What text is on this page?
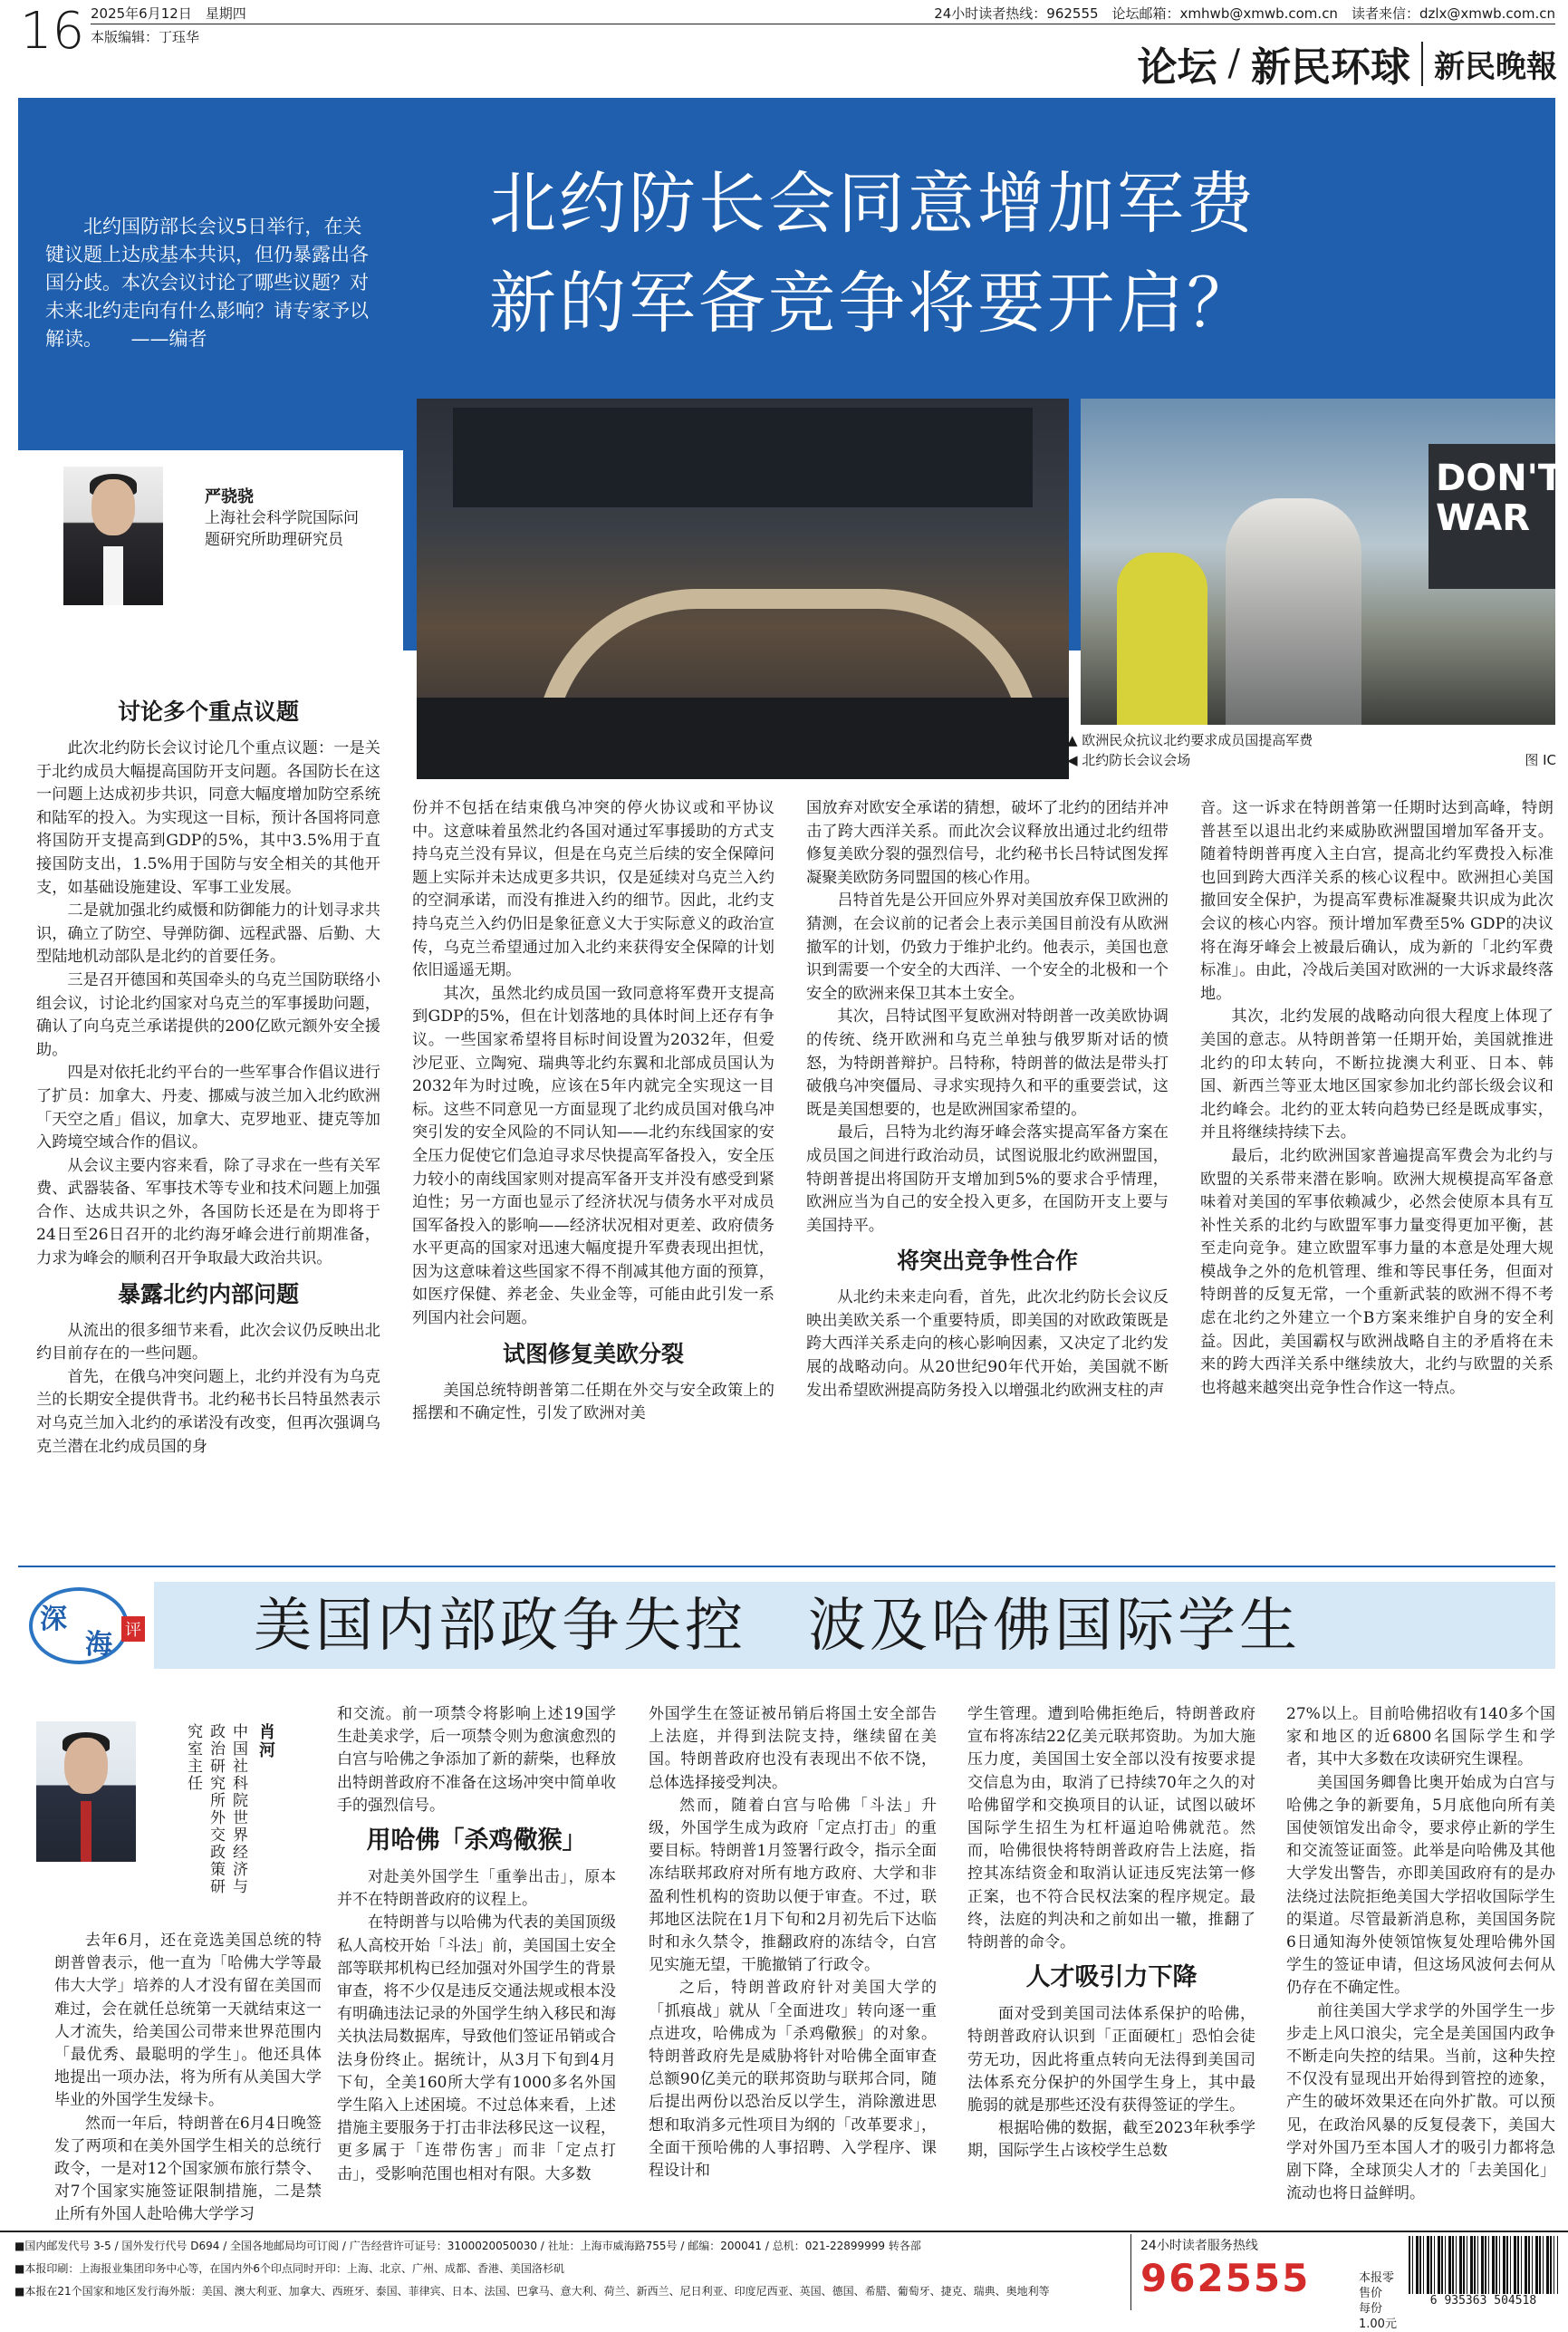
16 2025年6月12日　星期四
本版编辑：丁珏华
24小时读者热线：962555　论坛邮箱：xmhwb@xmwb.com.cn　读者来信：dzlx@xmwb.com.cn
论坛 / 新民环球 新民晚報
北约防长会同意增加军费
新的军备竞争将要开启？
北约国防部长会议5日举行，在关键议题上达成基本共识，但仍暴露出各国分歧。本次会议讨论了哪些议题？对未来北约走向有什么影响？请专家予以解读。　　——编者
严骁骁
上海社会科学院国际问题研究所助理研究员
DON'T WAR
▲ 欧洲民众抗议北约要求成员国提高军费
◀ 北约防长会议会场	图 IC
讨论多个重点议题

此次北约防长会议讨论几个重点议题：一是关于北约成员大幅提高国防开支问题。各国防长在这一问题上达成初步共识，同意大幅度增加防空系统和陆军的投入。为实现这一目标，预计各国将同意将国防开支提高到GDP的5%，其中3.5%用于直接国防支出，1.5%用于国防与安全相关的其他开支，如基础设施建设、军事工业发展。

二是就加强北约威慑和防御能力的计划寻求共识，确立了防空、导弹防御、远程武器、后勤、大型陆地机动部队是北约的首要任务。

三是召开德国和英国牵头的乌克兰国防联络小组会议，讨论北约国家对乌克兰的军事援助问题，确认了向乌克兰承诺提供的200亿欧元额外安全援助。

四是对依托北约平台的一些军事合作倡议进行了扩员：加拿大、丹麦、挪威与波兰加入北约欧洲「天空之盾」倡议，加拿大、克罗地亚、捷克等加入跨境空域合作的倡议。

从会议主要内容来看，除了寻求在一些有关军费、武器装备、军事技术等专业和技术问题上加强合作、达成共识之外，各国防长还是在为即将于24日至26日召开的北约海牙峰会进行前期准备，力求为峰会的顺利召开争取最大政治共识。

暴露北约内部问题

从流出的很多细节来看，此次会议仍反映出北约目前存在的一些问题。

首先，在俄乌冲突问题上，北约并没有为乌克兰的长期安全提供背书。北约秘书长吕特虽然表示对乌克兰加入北约的承诺没有改变，但再次强调乌克兰潜在北约成员国的身

份并不包括在结束俄乌冲突的停火协议或和平协议中。这意味着虽然北约各国对通过军事援助的方式支持乌克兰没有异议，但是在乌克兰后续的安全保障问题上实际并未达成更多共识，仅是延续对乌克兰入约的空洞承诺，而没有推进入约的细节。因此，北约支持乌克兰入约仍旧是象征意义大于实际意义的政治宣传，乌克兰希望通过加入北约来获得安全保障的计划依旧遥遥无期。

其次，虽然北约成员国一致同意将军费开支提高到GDP的5%，但在计划落地的具体时间上还存有争议。一些国家希望将目标时间设置为2032年，但爱沙尼亚、立陶宛、瑞典等北约东翼和北部成员国认为2032年为时过晚，应该在5年内就完全实现这一目标。这些不同意见一方面显现了北约成员国对俄乌冲突引发的安全风险的不同认知——北约东线国家的安全压力促使它们急迫寻求尽快提高军备投入，安全压力较小的南线国家则对提高军备开支并没有感受到紧迫性；另一方面也显示了经济状况与债务水平对成员国军备投入的影响——经济状况相对更差、政府债务水平更高的国家对迅速大幅度提升军费表现出担忧，因为这意味着这些国家不得不削减其他方面的预算，如医疗保健、养老金、失业金等，可能由此引发一系列国内社会问题。

试图修复美欧分裂

美国总统特朗普第二任期在外交与安全政策上的摇摆和不确定性，引发了欧洲对美

国放弃对欧安全承诺的猜想，破坏了北约的团结并冲击了跨大西洋关系。而此次会议释放出通过北约纽带修复美欧分裂的强烈信号，北约秘书长吕特试图发挥凝聚美欧防务同盟国的核心作用。

吕特首先是公开回应外界对美国放弃保卫欧洲的猜测，在会议前的记者会上表示美国目前没有从欧洲撤军的计划，仍致力于维护北约。他表示，美国也意识到需要一个安全的大西洋、一个安全的北极和一个安全的欧洲来保卫其本土安全。

其次，吕特试图平复欧洲对特朗普一改美欧协调的传统、绕开欧洲和乌克兰单独与俄罗斯对话的愤怒，为特朗普辩护。吕特称，特朗普的做法是带头打破俄乌冲突僵局、寻求实现持久和平的重要尝试，这既是美国想要的，也是欧洲国家希望的。

最后，吕特为北约海牙峰会落实提高军备方案在成员国之间进行政治动员，试图说服北约欧洲盟国，特朗普提出将国防开支增加到5%的要求合乎情理，欧洲应当为自己的安全投入更多，在国防开支上要与美国持平。

将突出竞争性合作

从北约未来走向看，首先，此次北约防长会议反映出美欧关系一个重要特质，即美国的对欧政策既是跨大西洋关系走向的核心影响因素，又决定了北约发展的战略动向。从20世纪90年代开始，美国就不断发出希望欧洲提高防务投入以增强北约欧洲支柱的声

音。这一诉求在特朗普第一任期时达到高峰，特朗普甚至以退出北约来威胁欧洲盟国增加军备开支。随着特朗普再度入主白宫，提高北约军费投入标准也回到跨大西洋关系的核心议程中。欧洲担心美国撤回安全保护，为提高军费标准凝聚共识成为此次会议的核心内容。预计增加军费至5% GDP的决议将在海牙峰会上被最后确认，成为新的「北约军费标准」。由此，冷战后美国对欧洲的一大诉求最终落地。

其次，北约发展的战略动向很大程度上体现了美国的意志。从特朗普第一任期开始，美国就推进北约的印太转向，不断拉拢澳大利亚、日本、韩国、新西兰等亚太地区国家参加北约部长级会议和北约峰会。北约的亚太转向趋势已经是既成事实，并且将继续持续下去。

最后，北约欧洲国家普遍提高军费会为北约与欧盟的关系带来潜在影响。欧洲大规模提高军备意味着对美国的军事依赖减少，必然会使原本具有互补性关系的北约与欧盟军事力量变得更加平衡，甚至走向竞争。建立欧盟军事力量的本意是处理大规模战争之外的危机管理、维和等民事任务，但面对特朗普的反复无常，一个重新武装的欧洲不得不考虑在北约之外建立一个B方案来维护自身的安全利益。因此，美国霸权与欧洲战略自主的矛盾将在未来的跨大西洋关系中继续放大，北约与欧盟的关系也将越来越突出竞争性合作这一特点。

深
海 评 美国内部政争失控　波及哈佛国际学生
肖河
中国社科院世界经济与政治研究所外交政策研究室主任

去年6月，还在竞选美国总统的特朗普曾表示，他一直为「哈佛大学等最伟大大学」培养的人才没有留在美国而难过，会在就任总统第一天就结束这一人才流失，给美国公司带来世界范围内「最优秀、最聪明的学生」。他还具体地提出一项办法，将为所有从美国大学毕业的外国学生发绿卡。

然而一年后，特朗普在6月4日晚签发了两项和在美外国学生相关的总统行政令，一是对12个国家颁布旅行禁令、对7个国家实施签证限制措施，二是禁止所有外国人赴哈佛大学学习

和交流。前一项禁令将影响上述19国学生赴美求学，后一项禁令则为愈演愈烈的白宫与哈佛之争添加了新的薪柴，也释放出特朗普政府不准备在这场冲突中简单收手的强烈信号。

用哈佛「杀鸡儆猴」

对赴美外国学生「重拳出击」，原本并不在特朗普政府的议程上。

在特朗普与以哈佛为代表的美国顶级私人高校开始「斗法」前，美国国土安全部等联邦机构已经加强对外国学生的背景审查，将不少仅是违反交通法规或根本没有明确违法记录的外国学生纳入移民和海关执法局数据库，导致他们签证吊销或合法身份终止。据统计，从3月下旬到4月下旬，全美160所大学有1000多名外国学生陷入上述困境。不过总体来看，上述措施主要服务于打击非法移民这一议程，更多属于「连带伤害」而非「定点打击」，受影响范围也相对有限。大多数

外国学生在签证被吊销后将国土安全部告上法庭，并得到法院支持，继续留在美国。特朗普政府也没有表现出不依不饶，总体选择接受判决。

然而，随着白宫与哈佛「斗法」升级，外国学生成为政府「定点打击」的重要目标。特朗普1月签署行政令，指示全面冻结联邦政府对所有地方政府、大学和非盈利性机构的资助以便于审查。不过，联邦地区法院在1月下旬和2月初先后下达临时和永久禁令，推翻政府的冻结令，白宫见实施无望，干脆撤销了行政令。

之后，特朗普政府针对美国大学的「抓痕战」就从「全面进攻」转向逐一重点进攻，哈佛成为「杀鸡儆猴」的对象。特朗普政府先是威胁将针对哈佛全面审查总额90亿美元的联邦资助与联邦合同，随后提出两份以恐治反以学生，消除激进思想和取消多元性项目为纲的「改革要求」，全面干预哈佛的人事招聘、入学程序、课程设计和

学生管理。遭到哈佛拒绝后，特朗普政府宣布将冻结22亿美元联邦资助。为加大施压力度，美国国土安全部以没有按要求提交信息为由，取消了已持续70年之久的对哈佛留学和交换项目的认证，试图以破坏国际学生招生为杠杆逼迫哈佛就范。然而，哈佛很快将特朗普政府告上法庭，指控其冻结资金和取消认证违反宪法第一修正案，也不符合民权法案的程序规定。最终，法庭的判决和之前如出一辙，推翻了特朗普的命令。

人才吸引力下降

面对受到美国司法体系保护的哈佛，特朗普政府认识到「正面硬杠」恐怕会徒劳无功，因此将重点转向无法得到美国司法体系充分保护的外国学生身上，其中最脆弱的就是那些还没有获得签证的学生。

根据哈佛的数据，截至2023年秋季学期，国际学生占该校学生总数

27%以上。目前哈佛招收有140多个国家和地区的近6800名国际学生和学者，其中大多数在攻读研究生课程。

美国国务卿鲁比奥开始成为白宫与哈佛之争的新要角，5月底他向所有美国使领馆发出命令，要求停止新的学生和交流签证面签。此举是向哈佛及其他大学发出警告，亦即美国政府有的是办法绕过法院拒绝美国大学招收国际学生的渠道。尽管最新消息称，美国国务院6日通知海外使领馆恢复处理哈佛外国学生的签证申请，但这场风波何去何从仍存在不确定性。

前往美国大学求学的外国学生一步步走上风口浪尖，完全是美国国内政争不断走向失控的结果。当前，这种失控不仅没有显现出开始得到管控的迹象，产生的破坏效果还在向外扩散。可以预见，在政治风暴的反复侵袭下，美国大学对外国乃至本国人才的吸引力都将急剧下降，全球顶尖人才的「去美国化」流动也将日益鲜明。

■国内邮发代号 3-5 / 国外发行代号 D694 / 全国各地邮局均可订阅 / 广告经营许可证号：3100020050030 / 社址：上海市威海路755号 / 邮编：200041 / 总机：021-22899999 转各部
■本报印刷：上海报业集团印务中心等，在国内外6个印点同时开印：上海、北京、广州、成都、香港、美国洛杉矶
■本报在21个国家和地区发行海外版：美国、澳大利亚、加拿大、西班牙、泰国、菲律宾、日本、法国、巴拿马、意大利、荷兰、新西兰、尼日利亚、印度尼西亚、英国、德国、希腊、葡萄牙、捷克、瑞典、奥地利等
24小时读者服务热线
962555	本报零售价
每份 1.00元
6 935363 504518
